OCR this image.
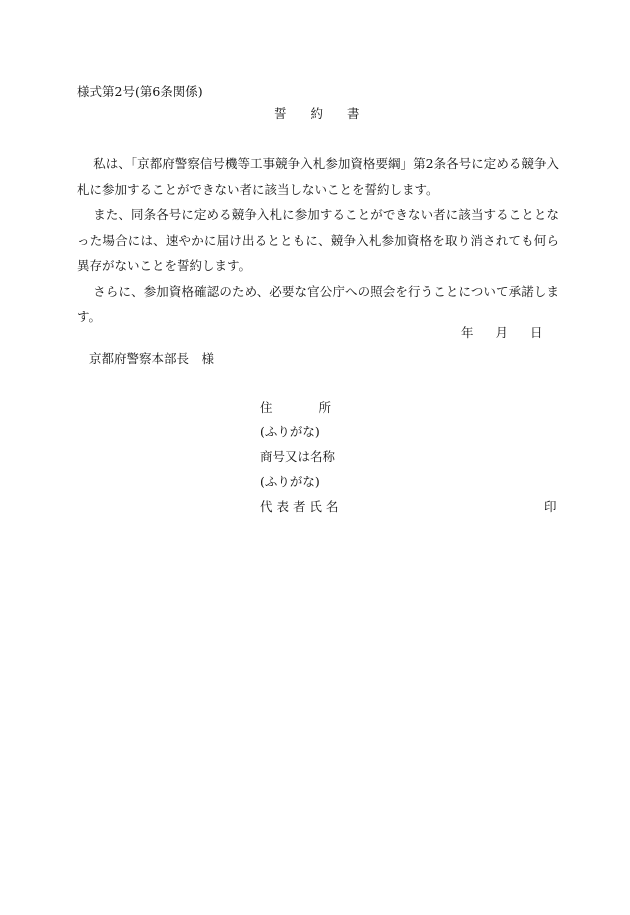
様式第2号(第6条関係)
誓 約 書

私は、「京都府警察信号機等工事競争入札参加資格要綱」第2条各号に定める競争入札に参加することができない者に該当しないことを誓約します。

また、同条各号に定める競争入札に参加することができない者に該当することとなった場合には、速やかに届け出るとともに、競争入札参加資格を取り消されても何ら異存がないことを誓約します。

さらに、参加資格確認のため、必要な官公庁への照会を行うことについて承諾します。

年 月 日
京都府警察本部長　様
住	所
(ふりがな)
商号又は名称
(ふりがな)
代 表 者 氏 名	印
